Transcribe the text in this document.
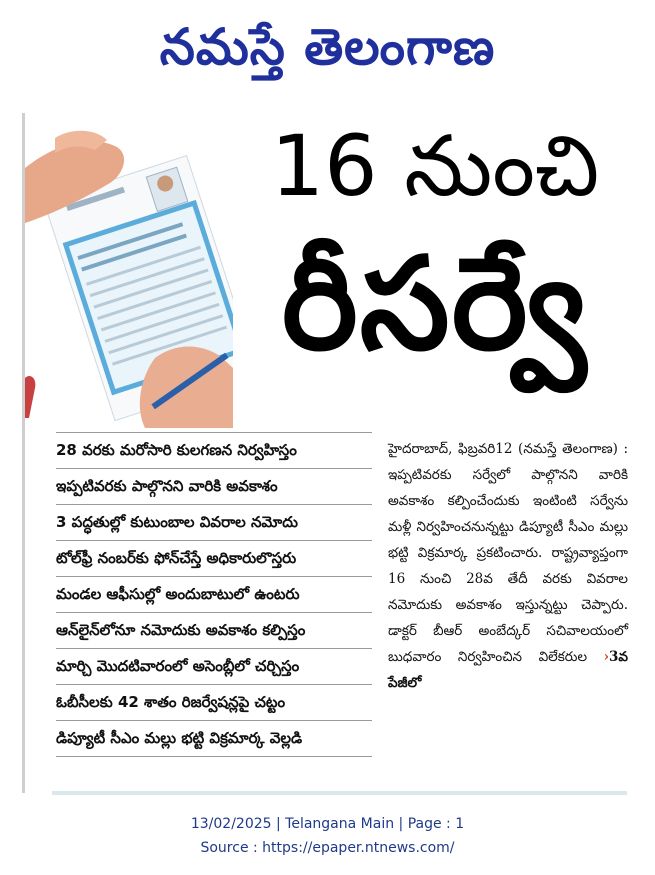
నమస్తే తెలంగాణ
16 నుంచి
రీసర్వే
28 వరకు మరోసారి కులగణన నిర్వహిస్తం
ఇప్పటివరకు పాల్గొనని వారికి అవకాశం
3 పద్ధతుల్లో కుటుంబాల వివరాల నమోదు
టోల్‌ఫ్రీ నంబర్‌కు ఫోన్‌చేస్తే అధికారులొస్తరు
మండల ఆఫీసుల్లో అందుబాటులో ఉంటరు
ఆన్‌లైన్‌లోనూ నమోదుకు అవకాశం కల్పిస్తం
మార్చి మొదటివారంలో అసెంబ్లీలో చర్చిస్తం
ఓబీసీలకు 42 శాతం రిజర్వేషన్లపై చట్టం
డిప్యూటీ సీఎం మల్లు భట్టి విక్రమార్క వెల్లడి
హైదరాబాద్, ఫిబ్రవరి12 (నమస్తే తెలంగాణ) : ఇప్పటివరకు సర్వేలో పాల్గొనని వారికి అవకాశం కల్పించేందుకు ఇంటింటి సర్వేను మళ్లీ నిర్వహించనున్నట్టు డిప్యూటీ సీఎం మల్లు భట్టి విక్రమార్క ప్రకటించారు. రాష్ట్రవ్యాప్తంగా 16 నుంచి 28వ తేదీ వరకు వివరాల నమోదుకు అవకాశం ఇస్తున్నట్టు చెప్పారు. డాక్టర్ బీఆర్ అంబేద్కర్ సచివాలయంలో బుధవారం నిర్వహించిన విలేకరుల ›3వ పేజీలో
13/02/2025 | Telangana Main | Page : 1
Source : https://epaper.ntnews.com/
